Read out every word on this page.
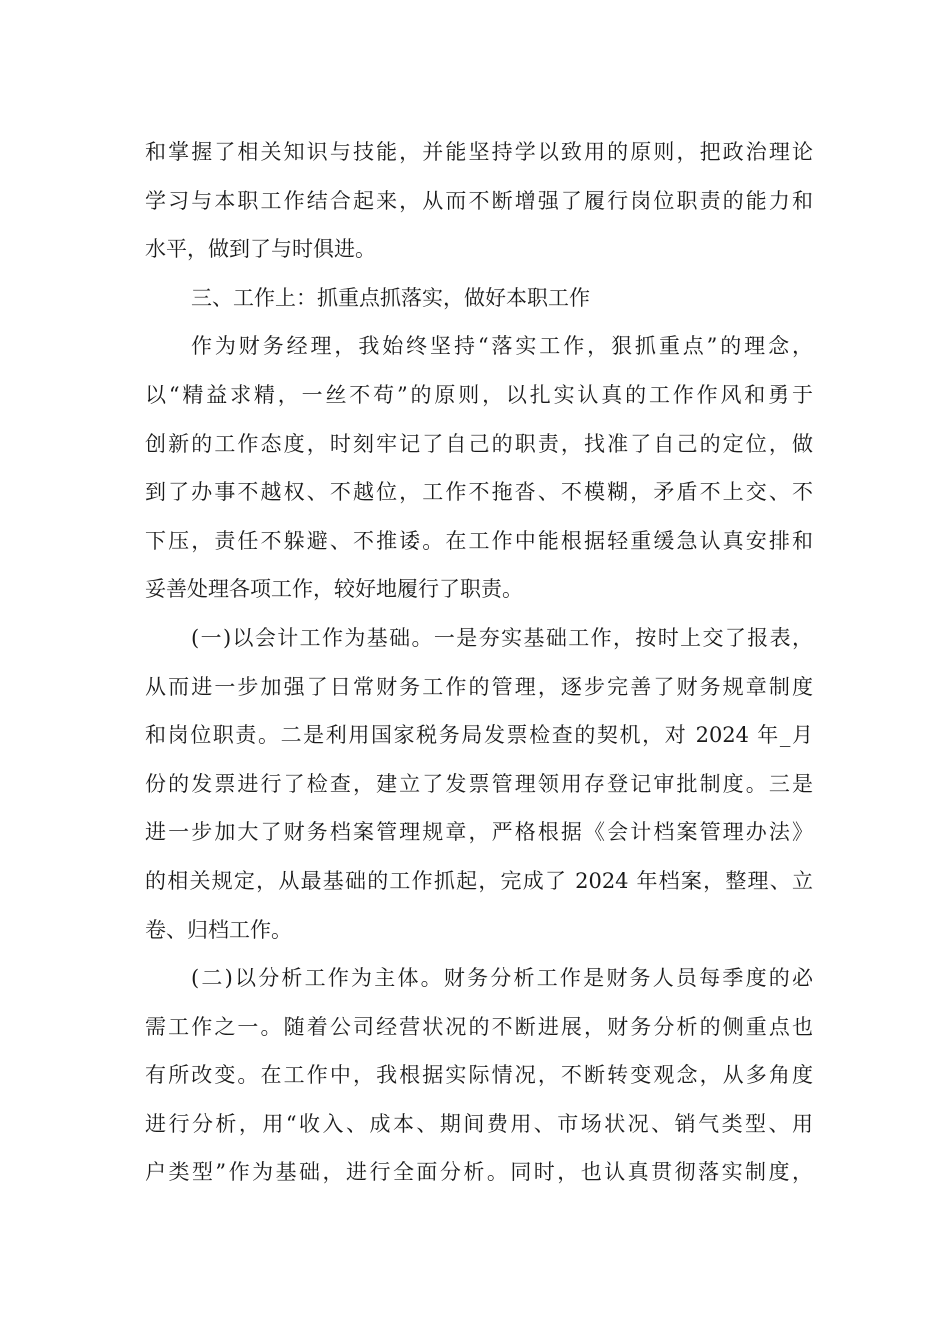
和掌握了相关知识与技能，并能坚持学以致用的原则，把政治理论
学习与本职工作结合起来，从而不断增强了履行岗位职责的能力和
水平，做到了与时俱进。
三、工作上：抓重点抓落实，做好本职工作
作为财务经理，我始终坚持“落实工作，狠抓重点”的理念，
以“精益求精，一丝不苟”的原则，以扎实认真的工作作风和勇于
创新的工作态度，时刻牢记了自己的职责，找准了自己的定位，做
到了办事不越权、不越位，工作不拖沓、不模糊，矛盾不上交、不
下压，责任不躲避、不推诿。在工作中能根据轻重缓急认真安排和
妥善处理各项工作，较好地履行了职责。
(一)以会计工作为基础。一是夯实基础工作，按时上交了报表，
从而进一步加强了日常财务工作的管理，逐步完善了财务规章制度
和岗位职责。二是利用国家税务局发票检查的契机，对 2024 年_月
份的发票进行了检查，建立了发票管理领用存登记审批制度。三是
进一步加大了财务档案管理规章，严格根据《会计档案管理办法》
的相关规定，从最基础的工作抓起，完成了 2024 年档案，整理、立
卷、归档工作。
(二)以分析工作为主体。财务分析工作是财务人员每季度的必
需工作之一。随着公司经营状况的不断进展，财务分析的侧重点也
有所改变。在工作中，我根据实际情况，不断转变观念，从多角度
进行分析，用“收入、成本、期间费用、市场状况、销气类型、用
户类型”作为基础，进行全面分析。同时，也认真贯彻落实制度，
